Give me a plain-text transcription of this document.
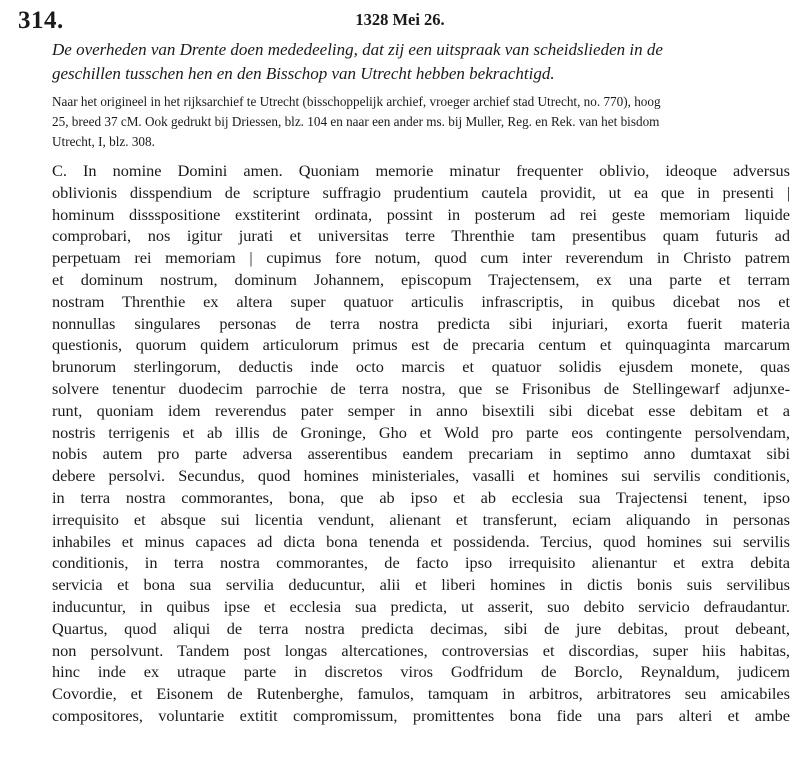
314.	1328 Mei 26.
De overheden van Drente doen mededeeling, dat zij een uitspraak van scheidslieden in de
geschillen tusschen hen en den Bisschop van Utrecht hebben bekrachtigd.
Naar het origineel in het rijksarchief te Utrecht (bisschoppelijk archief, vroeger archief stad Utrecht, no. 770), hoog
25, breed 37 cM. Ook gedrukt bij Driessen, blz. 104 en naar een ander ms. bij Muller, Reg. en Rek. van het bisdom
Utrecht, I, blz. 308.
C. In nomine Domini amen. Quoniam memorie minatur frequenter oblivio, ideoque adversus
oblivionis disspendium de scripture suffragio prudentium cautela providit, ut ea que in presenti |
hominum dissspositione exstiterint ordinata, possint in posterum ad rei geste memoriam liquide
comprobari, nos igitur jurati et universitas terre Threnthie tam presentibus quam futuris ad
perpetuam rei memoriam | cupimus fore notum, quod cum inter reverendum in Christo patrem
et dominum nostrum, dominum Johannem, episcopum Trajectensem, ex una parte et terram
nostram Threnthie ex altera super quatuor articulis infrascriptis, in quibus dicebat nos et
nonnullas singulares personas de terra nostra predicta sibi injuriari, exorta fuerit materia
questionis, quorum quidem articulorum primus est de precaria centum et quinquaginta marcarum
brunorum sterlingorum, deductis inde octo marcis et quatuor solidis ejusdem monete, quas
solvere tenentur duodecim parrochie de terra nostra, que se Frisonibus de Stellingewarf adjunxe-
runt, quoniam idem reverendus pater semper in anno bisextili sibi dicebat esse debitam et a
nostris terrigenis et ab illis de Groninge, Gho et Wold pro parte eos contingente persolvendam,
nobis autem pro parte adversa asserentibus eandem precariam in septimo anno dumtaxat sibi
debere persolvi. Secundus, quod homines ministeriales, vasalli et homines sui servilis conditionis,
in terra nostra commorantes, bona, que ab ipso et ab ecclesia sua Trajectensi tenent, ipso
irrequisito et absque sui licentia vendunt, alienant et transferunt, eciam aliquando in personas
inhabiles et minus capaces ad dicta bona tenenda et possidenda. Tercius, quod homines sui servilis
conditionis, in terra nostra commorantes, de facto ipso irrequisito alienantur et extra debita
servicia et bona sua servilia deducuntur, alii et liberi homines in dictis bonis suis servilibus
inducuntur, in quibus ipse et ecclesia sua predicta, ut asserit, suo debito servicio defraudantur.
Quartus, quod aliqui de terra nostra predicta decimas, sibi de jure debitas, prout debeant,
non persolvunt. Tandem post longas altercationes, controversias et discordias, super hiis habitas,
hinc inde ex utraque parte in discretos viros Godfridum de Borclo, Reynaldum, judicem
Covordie, et Eisonem de Rutenberghe, famulos, tamquam in arbitros, arbitratores seu amicabiles
compositores, voluntarie extitit compromissum, promittentes bona fide una pars alteri et ambe
